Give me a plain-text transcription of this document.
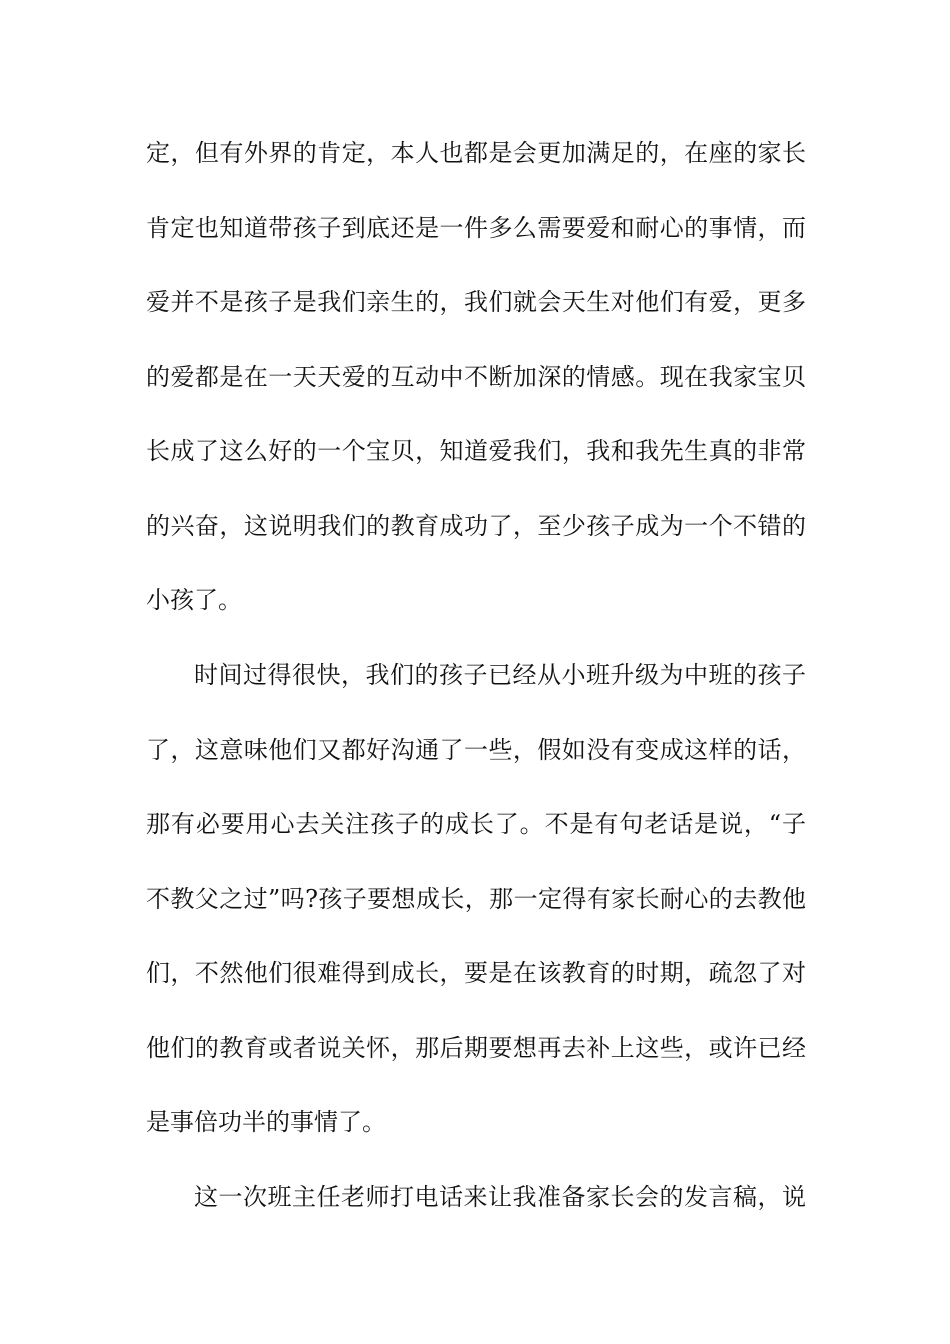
定，但有外界的肯定，本人也都是会更加满足的，在座的家长
肯定也知道带孩子到底还是一件多么需要爱和耐心的事情，而
爱并不是孩子是我们亲生的，我们就会天生对他们有爱，更多
的爱都是在一天天爱的互动中不断加深的情感。现在我家宝贝
长成了这么好的一个宝贝，知道爱我们，我和我先生真的非常
的兴奋，这说明我们的教育成功了，至少孩子成为一个不错的
小孩了。
时间过得很快，我们的孩子已经从小班升级为中班的孩子
了，这意味他们又都好沟通了一些，假如没有变成这样的话，
那有必要用心去关注孩子的成长了。不是有句老话是说，“子
不教父之过”吗?孩子要想成长，那一定得有家长耐心的去教他
们，不然他们很难得到成长，要是在该教育的时期，疏忽了对
他们的教育或者说关怀，那后期要想再去补上这些，或许已经
是事倍功半的事情了。
这一次班主任老师打电话来让我准备家长会的发言稿，说
